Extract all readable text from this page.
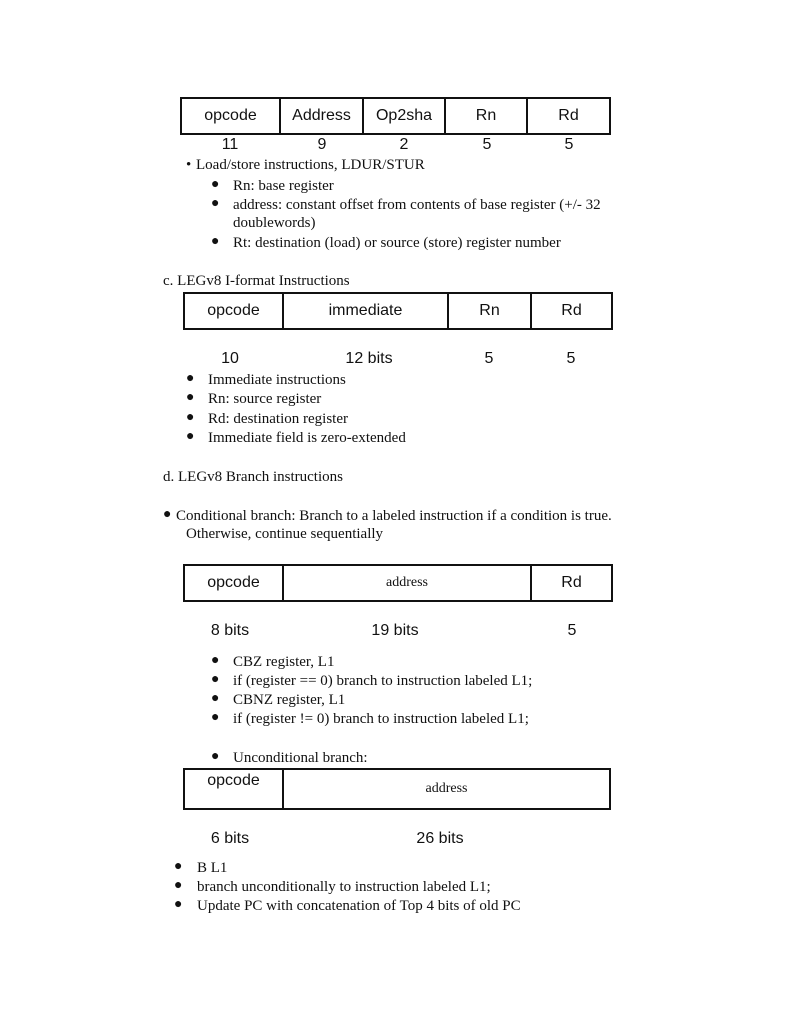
opcode	Address	Op2sha	Rn	Rd
11	9	2	5	5
• Load/store instructions, LDUR/STUR
● Rn: base register
● address: constant offset from contents of base register (+/- 32
doublewords)
● Rt: destination (load) or source (store) register number
c. LEGv8 I-format Instructions
opcode	immediate	Rn	Rd
10	12 bits	5	5
● Immediate instructions
● Rn: source register
● Rd: destination register
● Immediate field is zero-extended
d. LEGv8 Branch instructions
● Conditional branch: Branch to a labeled instruction if a condition is true.
Otherwise, continue sequentially
opcode	address	Rd
8 bits	19 bits	5
● CBZ register, L1
● if (register == 0) branch to instruction labeled L1;
● CBNZ register, L1
● if (register != 0) branch to instruction labeled L1;
● Unconditional branch:
opcode	address
6 bits	26 bits
● B L1
● branch unconditionally to instruction labeled L1;
● Update PC with concatenation of Top 4 bits of old PC
